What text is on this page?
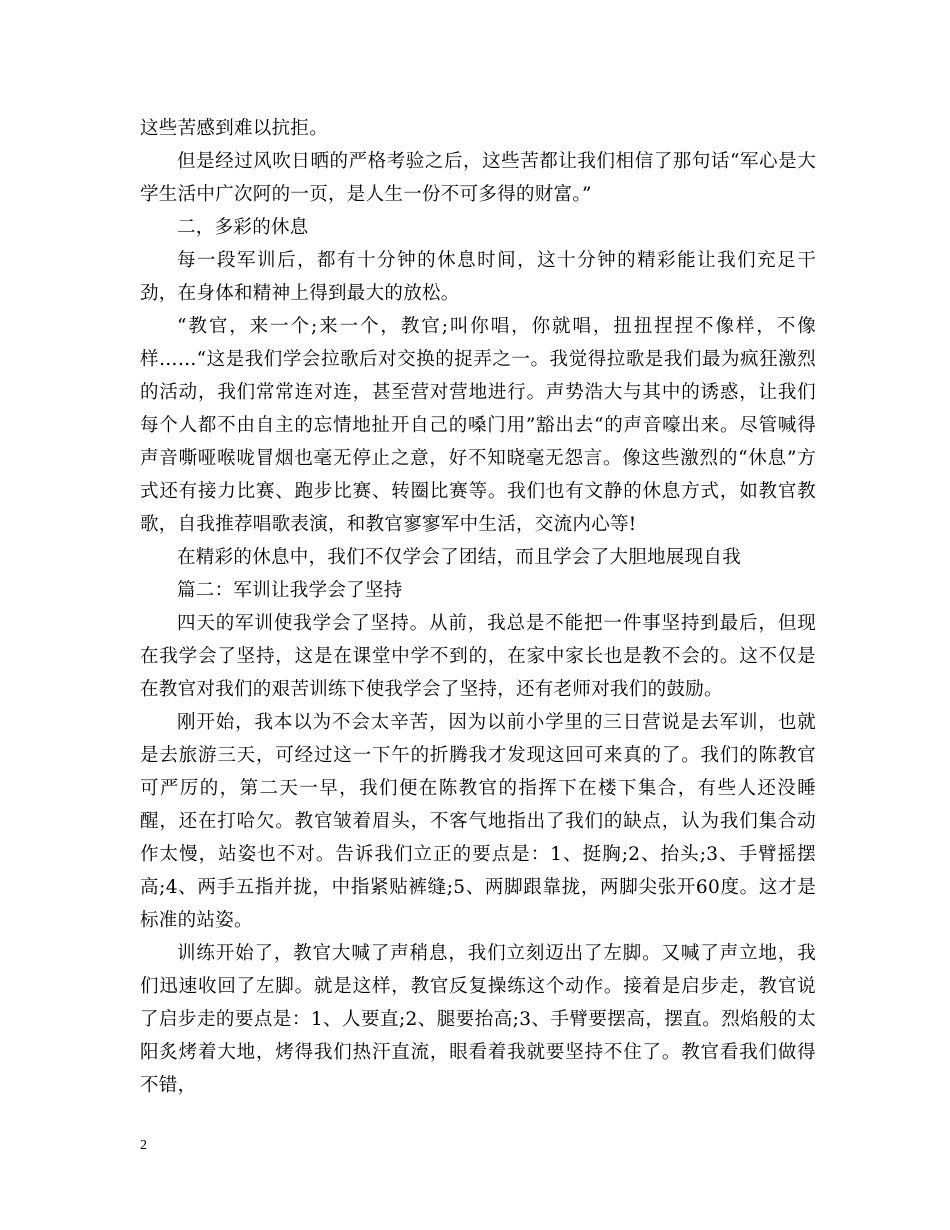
这些苦感到难以抗拒。

但是经过风吹日晒的严格考验之后，这些苦都让我们相信了那句话“军心是大学生活中广次阿的一页，是人生一份不可多得的财富。”

二，多彩的休息

每一段军训后，都有十分钟的休息时间，这十分钟的精彩能让我们充足干劲，在身体和精神上得到最大的放松。

“教官，来一个;来一个，教官;叫你唱，你就唱，扭扭捏捏不像样，不像样……“这是我们学会拉歌后对交换的捉弄之一。我觉得拉歌是我们最为疯狂激烈的活动，我们常常连对连，甚至营对营地进行。声势浩大与其中的诱惑，让我们每个人都不由自主的忘情地扯开自己的嗓门用”豁出去“的声音嚎出来。尽管喊得声音嘶哑喉咙冒烟也毫无停止之意，好不知晓毫无怨言。像这些激烈的“休息”方式还有接力比赛、跑步比赛、转圈比赛等。我们也有文静的休息方式，如教官教歌，自我推荐唱歌表演，和教官寥寥军中生活，交流内心等!

在精彩的休息中，我们不仅学会了团结，而且学会了大胆地展现自我

篇二：军训让我学会了坚持

四天的军训使我学会了坚持。从前，我总是不能把一件事坚持到最后，但现在我学会了坚持，这是在课堂中学不到的，在家中家长也是教不会的。这不仅是在教官对我们的艰苦训练下使我学会了坚持，还有老师对我们的鼓励。

刚开始，我本以为不会太辛苦，因为以前小学里的三日营说是去军训，也就是去旅游三天，可经过这一下午的折腾我才发现这回可来真的了。我们的陈教官可严厉的，第二天一早，我们便在陈教官的指挥下在楼下集合，有些人还没睡醒，还在打哈欠。教官皱着眉头，不客气地指出了我们的缺点，认为我们集合动作太慢，站姿也不对。告诉我们立正的要点是：1、挺胸;2、抬头;3、手臂摇摆高;4、两手五指并拢，中指紧贴裤缝;5、两脚跟靠拢，两脚尖张开60度。这才是标准的站姿。

训练开始了，教官大喊了声稍息，我们立刻迈出了左脚。又喊了声立地，我们迅速收回了左脚。就是这样，教官反复操练这个动作。接着是启步走，教官说了启步走的要点是：1、人要直;2、腿要抬高;3、手臂要摆高，摆直。烈焰般的太阳炙烤着大地，烤得我们热汗直流，眼看着我就要坚持不住了。教官看我们做得不错，

2
